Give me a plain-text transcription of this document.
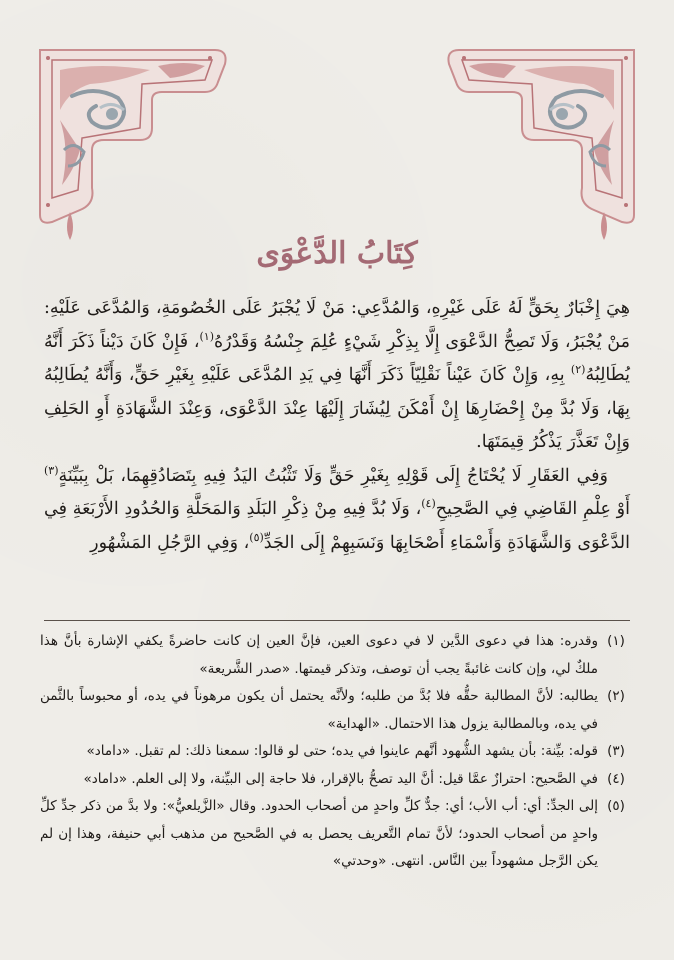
كِتَابُ الدَّعْوَى

هِيَ إِخْبَارٌ بِحَقٍّ لَهُ عَلَى غَيْرِهِ، وَالمُدَّعِي: مَنْ لَا يُجْبَرُ عَلَى الخُصُومَةِ، وَالمُدَّعَى عَلَيْهِ: مَنْ يُجْبَرُ، وَلَا تَصِحُّ الدَّعْوَى إِلَّا بِذِكْرِ شَيْءٍ عُلِمَ جِنْسُهُ وَقَدْرُهُ$^{(١)}$، فَإِنْ كَانَ دَيْناً ذَكَرَ أَنَّهُ يُطَالِبُهُ$^{(٢)}$ بِهِ، وَإِنْ كَانَ عَيْناً نَقْلِيّاً ذَكَرَ أَنَّهَا فِي يَدِ المُدَّعَى عَلَيْهِ بِغَيْرِ حَقٍّ، وَأَنَّهُ يُطَالِبُهُ بِهَا، وَلَا بُدَّ مِنْ إِحْضَارِهَا إِنْ أَمْكَنَ لِيُشَارَ إِلَيْهَا عِنْدَ الدَّعْوَى، وَعِنْدَ الشَّهَادَةِ أَوِ الحَلِفِ وَإِنْ تَعَذَّرَ يَذْكُرُ قِيمَتَهَا.

وَفِي العَقَارِ لَا يُحْتَاجُ إِلَى قَوْلِهِ بِغَيْرِ حَقٍّ وَلَا تَثْبُتُ اليَدُ فِيهِ بِتَصَادُقِهِمَا، بَلْ بِبَيِّنَةٍ$^{(٣)}$ أَوْ عِلْمِ القَاضِي فِي الصَّحِيحِ$^{(٤)}$، وَلَا بُدَّ فِيهِ مِنْ ذِكْرِ البَلَدِ وَالمَحَلَّةِ وَالحُدُودِ الأَرْبَعَةِ فِي الدَّعْوَى وَالشَّهَادَةِ وَأَسْمَاءِ أَصْحَابِهَا وَنَسَبِهِمْ إِلَى الجَدِّ$^{(٥)}$، وَفِي الرَّجُلِ المَشْهُورِ

(١)
وقدره: هذا في دعوى الدَّين لا في دعوى العين، فإنَّ العين إن كانت حاضرةً يكفي الإشارة بأنَّ هذا ملكٌ لي، وإن كانت غائبةً يجب أن توصف، وتذكر قيمتها. «صدر الشَّريعة»
(٢)
يطالبه: لأنَّ المطالبة حقُّه فلا بُدَّ من طلبه؛ ولأنَّه يحتمل أن يكون مرهوناً في يده، أو محبوساً بالثَّمن في يده، وبالمطالبة يزول هذا الاحتمال. «الهداية»
(٣)
قوله: بيِّنة: بأن يشهد الشُّهود أنَّهم عاينوا في يده؛ حتى لو قالوا: سمعنا ذلك: لم تقبل. «داماد»
(٤)
في الصَّحيح: احترازٌ عمَّا قيل: أنَّ اليد تصحُّ بالإقرار، فلا حاجة إلى البيِّنة، ولا إلى العلم. «داماد»
(٥)
إلى الجدِّ: أي: أب الأب؛ أي: جدٌّ كلِّ واحدٍ من أصحاب الحدود. وقال «الزَّيلعيُّ»: ولا بدَّ من ذكر جدِّ كلِّ واحدٍ من أصحاب الحدود؛ لأنَّ تمام التَّعريف يحصل به في الصَّحيح من مذهب أبي حنيفة، وهذا إن لم يكن الرَّجل مشهوداً بين النَّاس. انتهى. «وحدتي»
